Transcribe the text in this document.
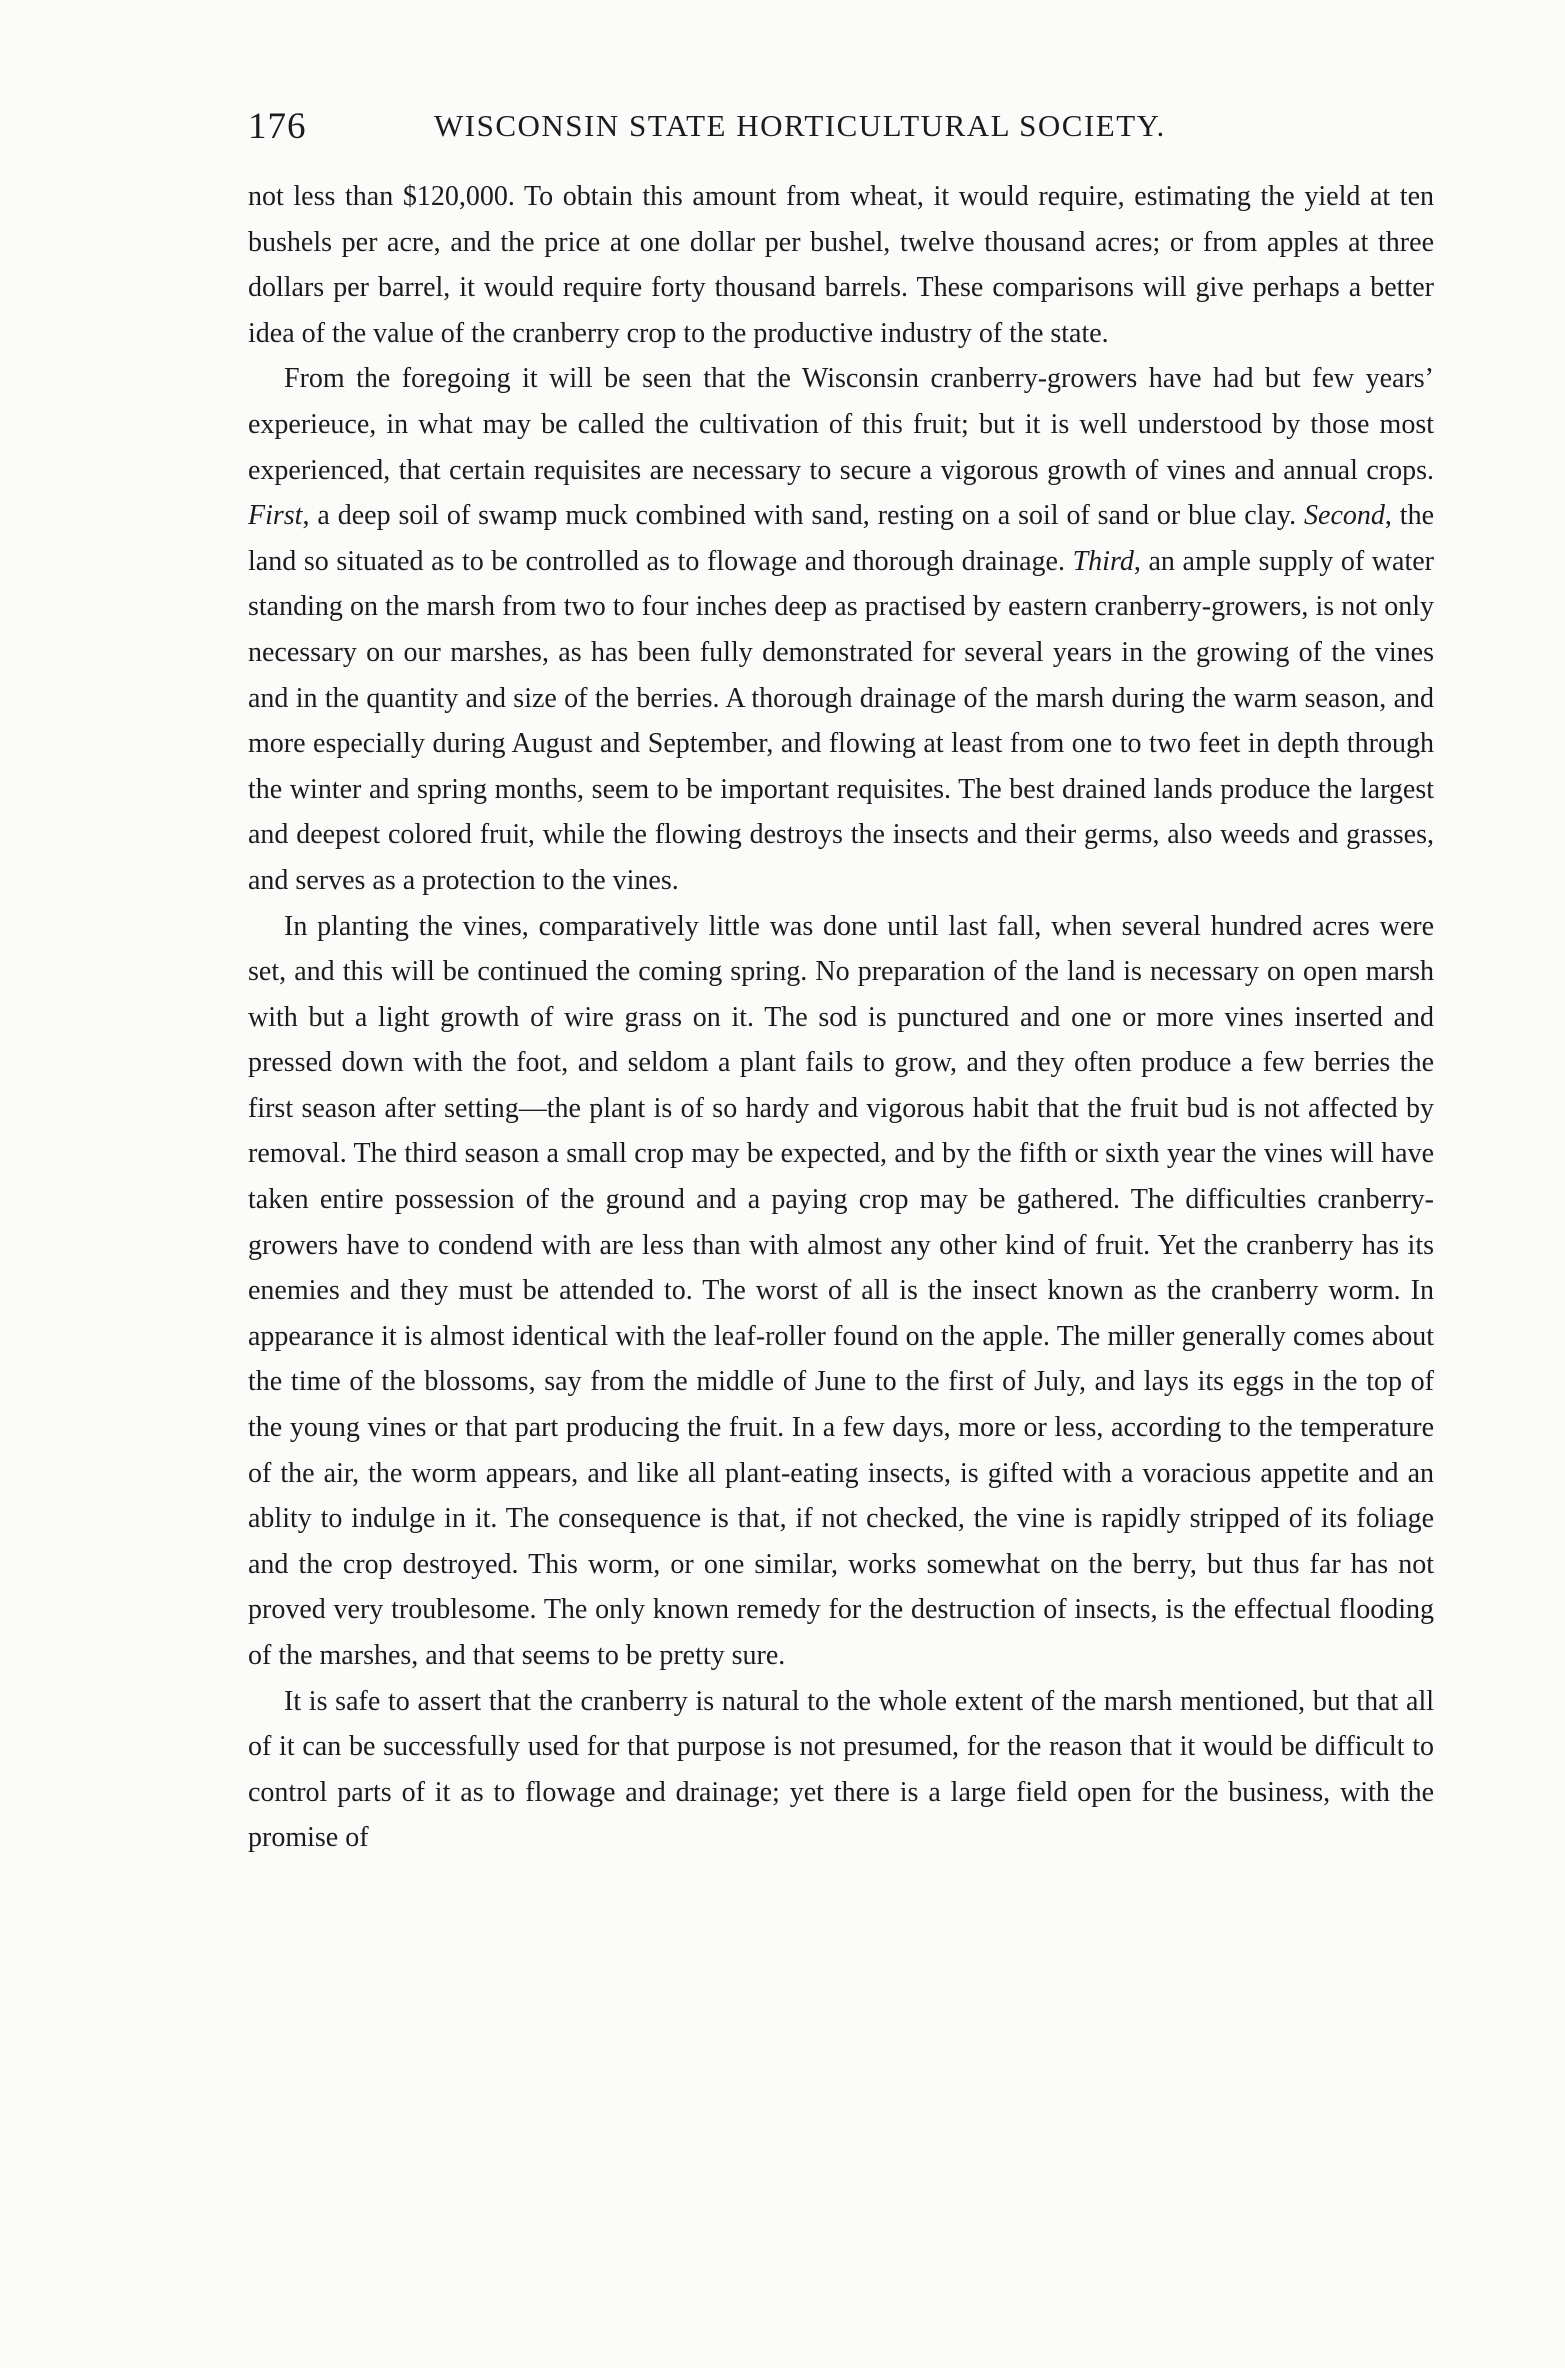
176	WISCONSIN STATE HORTICULTURAL SOCIETY.

not less than $120,000. To obtain this amount from wheat, it would require, estimating the yield at ten bushels per acre, and the price at one dollar per bushel, twelve thousand acres; or from apples at three dollars per barrel, it would require forty thousand barrels. These comparisons will give perhaps a better idea of the value of the cranberry crop to the productive industry of the state.

From the foregoing it will be seen that the Wisconsin cranberry-growers have had but few years’ experieuce, in what may be called the cultivation of this fruit; but it is well understood by those most experienced, that certain requisites are necessary to secure a vigorous growth of vines and annual crops. First, a deep soil of swamp muck combined with sand, resting on a soil of sand or blue clay. Second, the land so situated as to be controlled as to flowage and thorough drainage. Third, an ample supply of water standing on the marsh from two to four inches deep as practised by eastern cranberry-growers, is not only necessary on our marshes, as has been fully demonstrated for several years in the growing of the vines and in the quantity and size of the berries. A thorough drainage of the marsh during the warm season, and more especially during August and September, and flowing at least from one to two feet in depth through the winter and spring months, seem to be important requisites. The best drained lands produce the largest and deepest colored fruit, while the flowing destroys the insects and their germs, also weeds and grasses, and serves as a protection to the vines.

In planting the vines, comparatively little was done until last fall, when several hundred acres were set, and this will be continued the coming spring. No preparation of the land is necessary on open marsh with but a light growth of wire grass on it. The sod is punctured and one or more vines inserted and pressed down with the foot, and seldom a plant fails to grow, and they often produce a few berries the first season after setting—the plant is of so hardy and vigorous habit that the fruit bud is not affected by removal. The third season a small crop may be expected, and by the fifth or sixth year the vines will have taken entire possession of the ground and a paying crop may be gathered. The difficulties cranberry-growers have to condend with are less than with almost any other kind of fruit. Yet the cranberry has its enemies and they must be attended to. The worst of all is the insect known as the cranberry worm. In appearance it is almost identical with the leaf-roller found on the apple. The miller generally comes about the time of the blossoms, say from the middle of June to the first of July, and lays its eggs in the top of the young vines or that part producing the fruit. In a few days, more or less, according to the temperature of the air, the worm appears, and like all plant-eating insects, is gifted with a voracious appetite and an ablity to indulge in it. The consequence is that, if not checked, the vine is rapidly stripped of its foliage and the crop destroyed. This worm, or one similar, works somewhat on the berry, but thus far has not proved very troublesome. The only known remedy for the destruction of insects, is the effectual flooding of the marshes, and that seems to be pretty sure.

It is safe to assert that the cranberry is natural to the whole extent of the marsh mentioned, but that all of it can be successfully used for that purpose is not presumed, for the reason that it would be difficult to control parts of it as to flowage and drainage; yet there is a large field open for the business, with the promise of
